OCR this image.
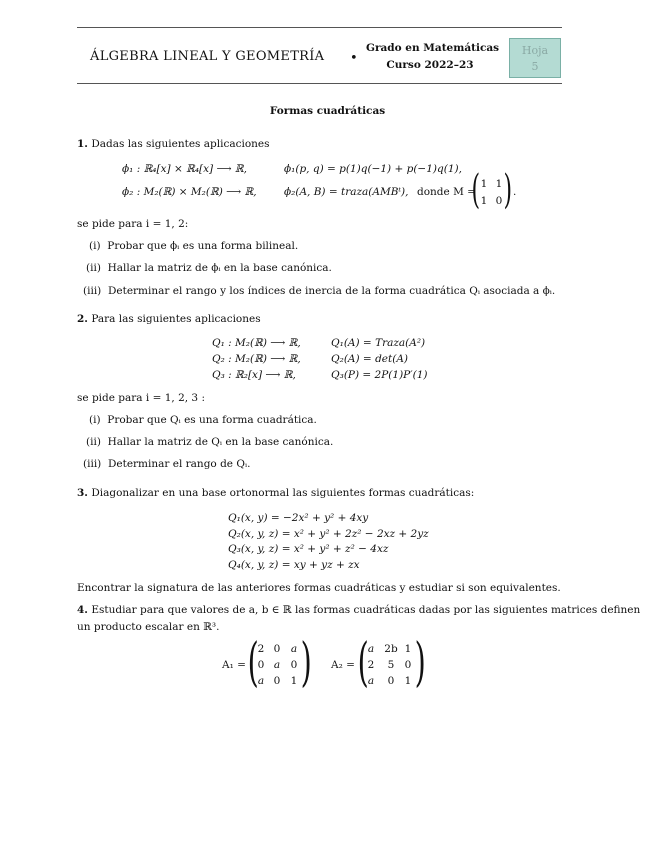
ÁLGEBRA LINEAL Y GEOMETRÍA •
Grado en Matemáticas
Curso 2022–23
Hoja
5
Formas cuadráticas
1. Dadas las siguientes aplicaciones
ϕ₁ : ℝ₄[x] × ℝ₄[x] ⟶ ℝ,	ϕ₁(p, q) = p(1)q(−1) + p(−1)q(1),
ϕ₂ : M₂(ℝ) × M₂(ℝ) ⟶ ℝ,	ϕ₂(A, B) = traza(AMBᵗ), donde M =
( 1 1
1 0 ) .
se pide para i = 1, 2:
(i) Probar que ϕᵢ es una forma bilineal.
(ii) Hallar la matriz de ϕᵢ en la base canónica.
(iii) Determinar el rango y los índices de inercia de la forma cuadrática Qᵢ asociada a ϕᵢ.
2. Para las siguientes aplicaciones
Q₁ : M₂(ℝ) ⟶ ℝ,	Q₁(A) = Traza(A²)
Q₂ : M₂(ℝ) ⟶ ℝ,	Q₂(A) = det(A)
Q₃ : ℝ₂[x] ⟶ ℝ,	Q₃(P) = 2P(1)P′(1)
se pide para i = 1, 2, 3 :
(i) Probar que Qᵢ es una forma cuadrática.
(ii) Hallar la matriz de Qᵢ en la base canónica.
(iii) Determinar el rango de Qᵢ.
3. Diagonalizar en una base ortonormal las siguientes formas cuadráticas:
Q₁(x, y) = −2x² + y² + 4xy
Q₂(x, y, z) = x² + y² + 2z² − 2xz + 2yz
Q₃(x, y, z) = x² + y² + z² − 4xz
Q₄(x, y, z) = xy + yz + zx
Encontrar la signatura de las anteriores formas cuadráticas y estudiar si son equivalentes.
4. Estudiar para que valores de a, b ∈ ℝ las formas cuadráticas dadas por las siguientes matrices definen
un producto escalar en ℝ³.
A₁ = (
2 0	a
0 a	0
a 0 1 ) A₂ = ( a 2b 1
2	5 0
a	0 1 )
